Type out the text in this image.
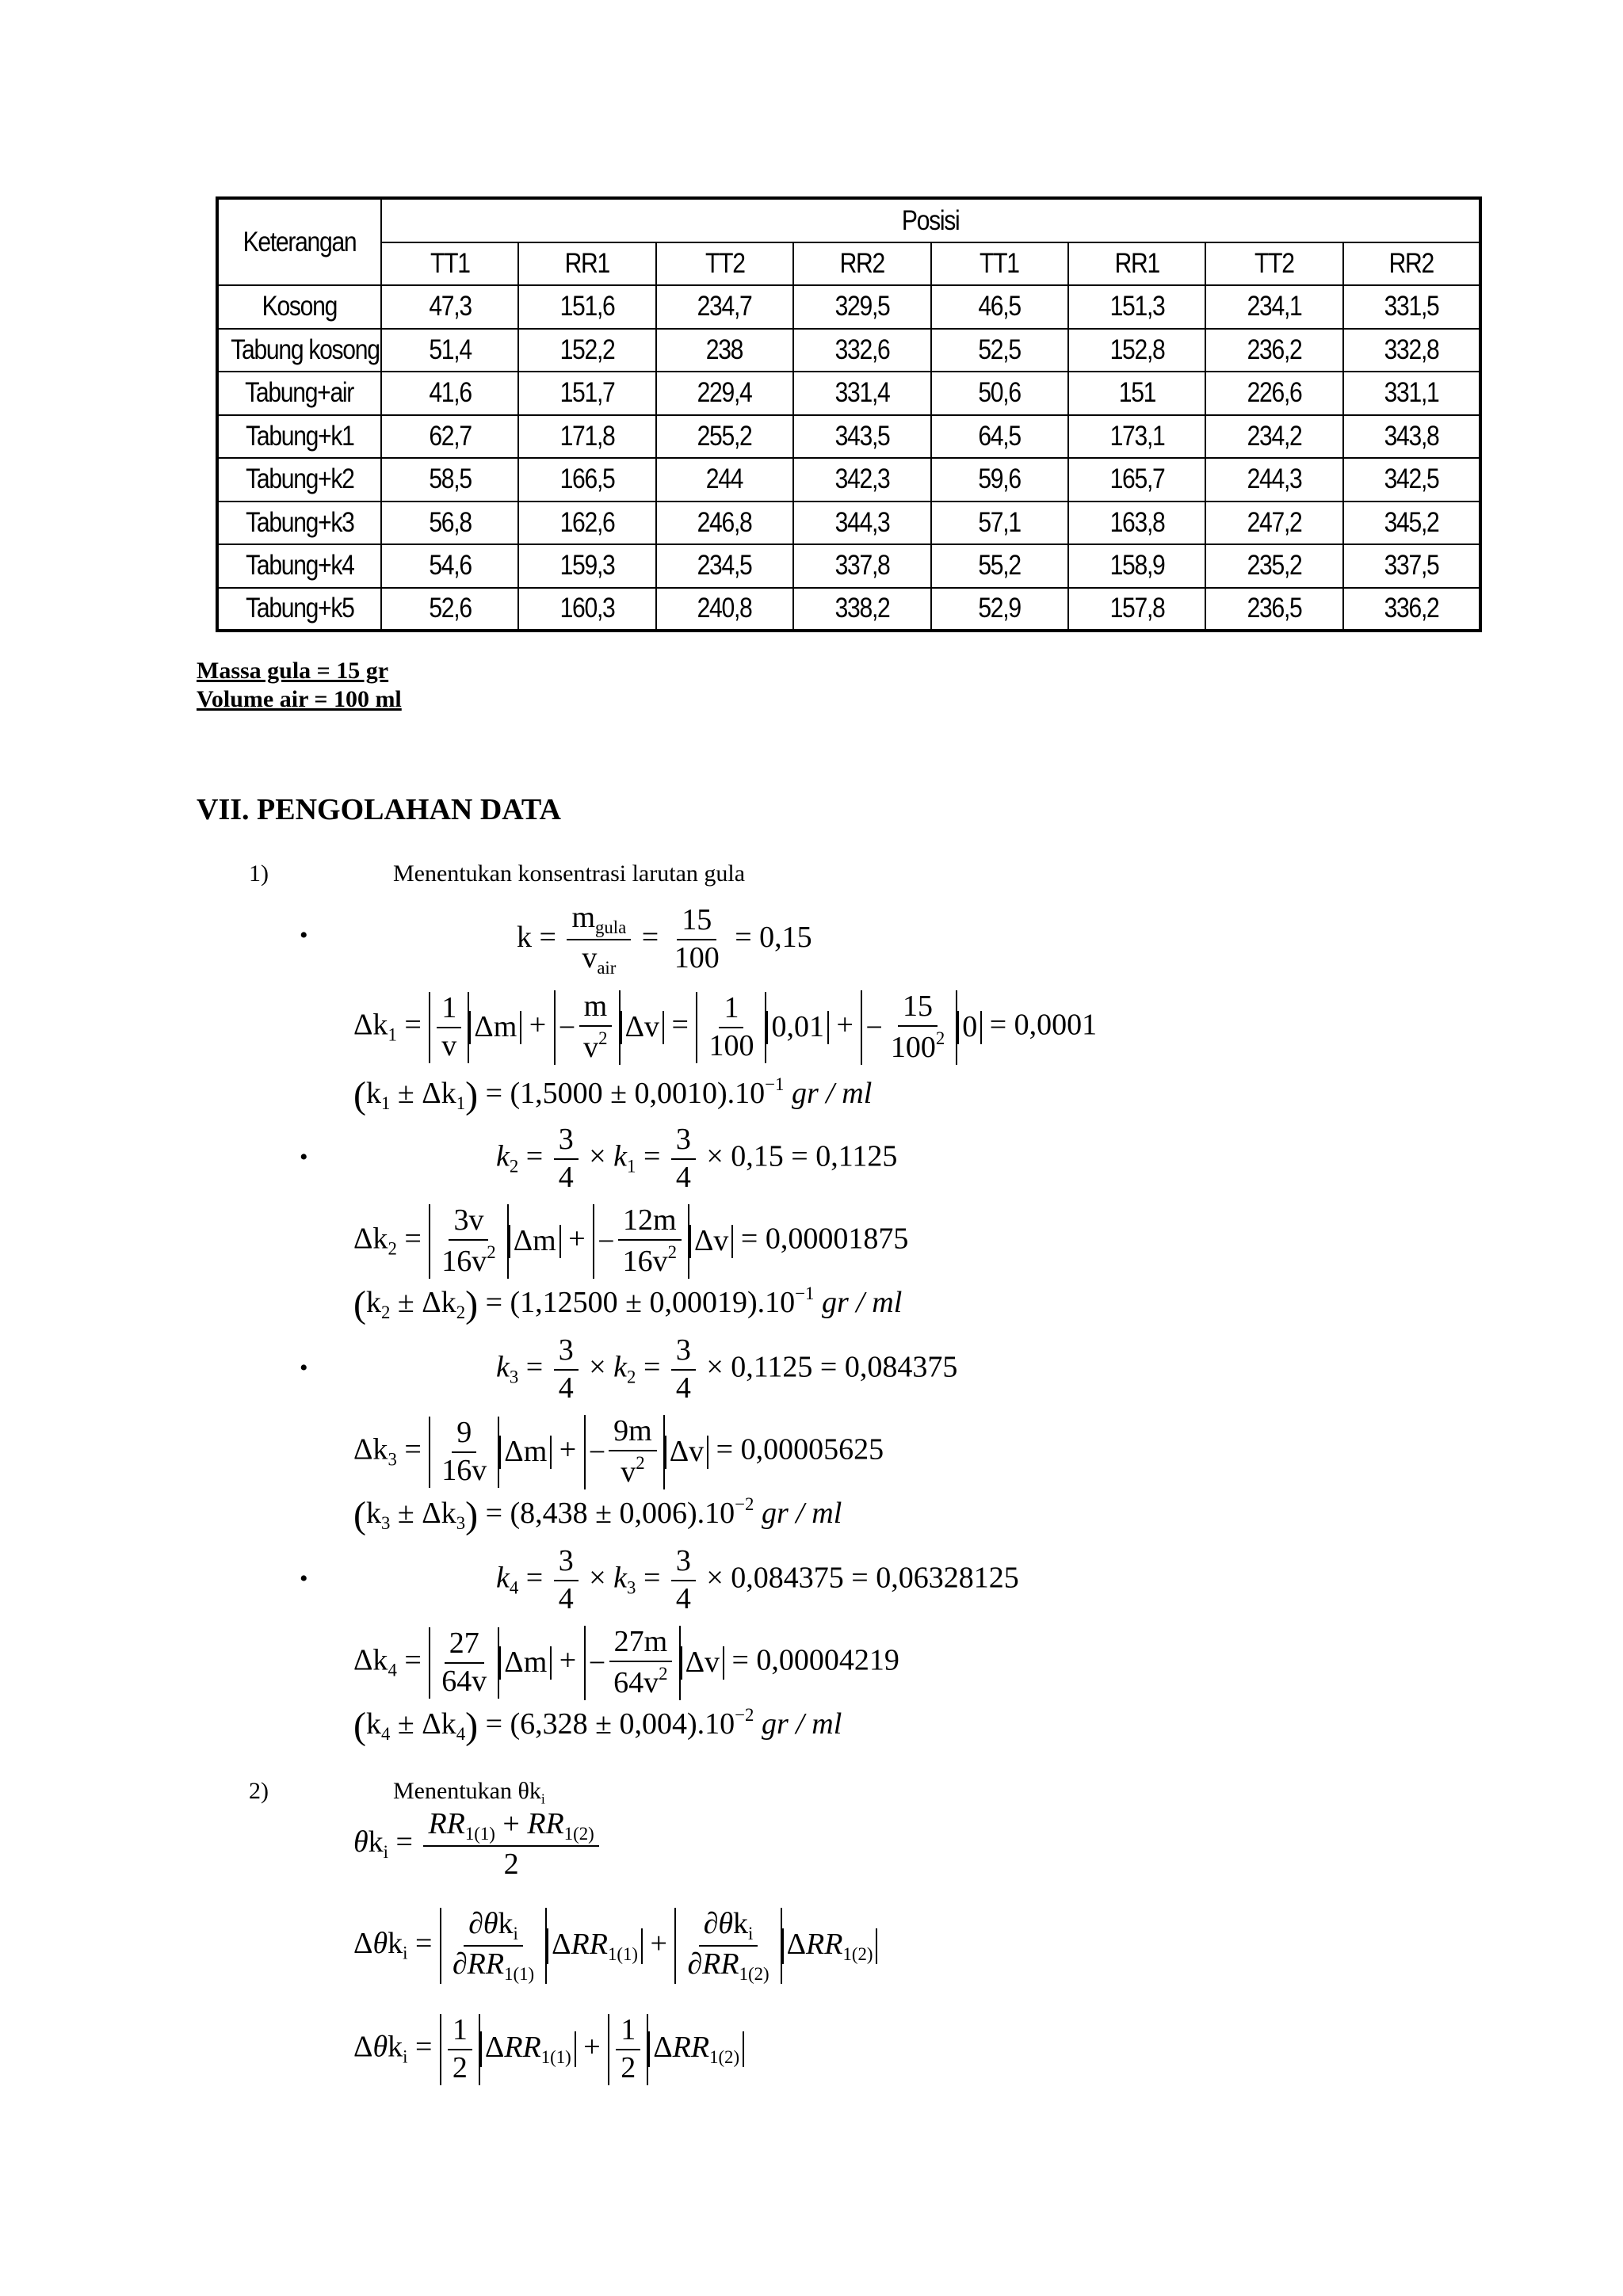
Keterangan	Posisi							
	TT1	RR1	TT2	RR2	TT1	RR1	TT2	RR2
Kosong	47,3	151,6	234,7	329,5	46,5	151,3	234,1	331,5
Tabung kosong	51,4	152,2	238	332,6	52,5	152,8	236,2	332,8
Tabung+air	41,6	151,7	229,4	331,4	50,6	151	226,6	331,1
Tabung+k1	62,7	171,8	255,2	343,5	64,5	173,1	234,2	343,8
Tabung+k2	58,5	166,5	244	342,3	59,6	165,7	244,3	342,5
Tabung+k3	56,8	162,6	246,8	344,3	57,1	163,8	247,2	345,2
Tabung+k4	54,6	159,3	234,5	337,8	55,2	158,9	235,2	337,5
Tabung+k5	52,6	160,3	240,8	338,2	52,9	157,8	236,5	336,2
Massa gula = 15 gr
Volume air = 100 ml
VII. PENGOLAHAN DATA
1)	Menentukan konsentrasi larutan gula
•	$k = \frac{m_{gula}}{v_{air}} = \frac{15}{100} = 0,15$
$\Delta k_1 = \frac{1}{v}$ Δm + − $\frac{m}{v^2}$ $\Delta v = \frac{1}{100} 0,01$ + − $\frac{15}{100^2} 0 = 0,0001$
$(k_1 \pm \Delta k_1) = (1,5000 \pm 0,0010).10^{-1}$ gr / ml
•	$k_2 = \frac{3}{4} \times k_1 = \frac{3}{4} \times 0,15 = 0,1125$
$\Delta k_2 = \frac{3v}{16v^2}$ Δm + − $\frac{12m}{16v^2}$ Δv = 0,00001875
$(k_2 \pm \Delta k_2) = (1,12500 \pm 0,00019).10^{-1}$ gr / ml
•	$k_3 = \frac{3}{4} \times k_2 = \frac{3}{4} \times 0,1125 = 0,084375$
$\Delta k_3 = \frac{9}{16v}$ Δm + − $\frac{9m}{v^2}$ Δv = 0,00005625
$(k_3 \pm \Delta k_3) = (8,438 \pm 0,006).10^{-2}$ gr / ml
•	$k_4 = \frac{3}{4} \times k_3 = \frac{3}{4} \times 0,084375 = 0,06328125$
$\Delta k_4 = \frac{27}{64v}$ Δm + − $\frac{27m}{64v^2}$ Δv = 0,00004219
$(k_4 \pm \Delta k_4) = (6,328 \pm 0,004).10^{-2}$ gr / ml
2)	Menentukan $\theta k_i$
$\theta k_i = \frac{RR_{1(1)} + RR_{1(2)}}{2}$
$\Delta\theta k_i = \frac{\partial\theta k_i}{\partial RR_{1(1)}} \Delta RR_{1(1)} + \frac{\partial\theta k_i}{\partial RR_{1(2)}} \Delta RR_{1(2)}$
$\Delta\theta k_i = \frac{1}{2} \Delta RR_{1(1)} + \frac{1}{2} \Delta RR_{1(2)}$
